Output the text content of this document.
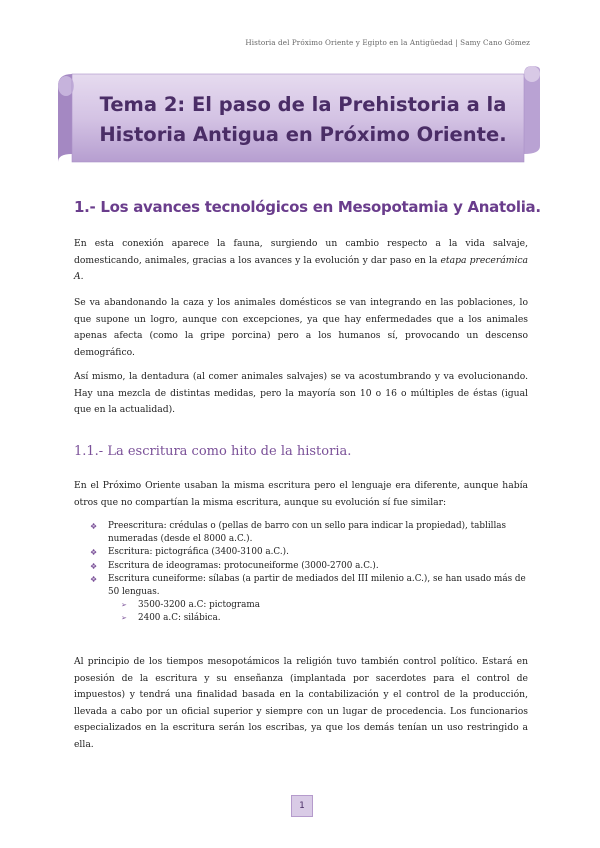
Historia del Próximo Oriente y Egipto en la Antigüedad | Samy Cano Gómez
Tema 2: El paso de la Prehistoria a la
Historia Antigua en Próximo Oriente.
1.- Los avances tecnológicos en Mesopotamia y Anatolia.
En esta conexión aparece la fauna, surgiendo un cambio respecto a la vida salvaje, domesticando, animales, gracias a los avances y la evolución y dar paso en la etapa precerámica A.
Se va abandonando la caza y los animales domésticos se van integrando en las poblaciones, lo que supone un logro, aunque con excepciones, ya que hay enfermedades que a los animales apenas afecta (como la gripe porcina) pero a los humanos sí, provocando un descenso demográfico.
Así mismo, la dentadura (al comer animales salvajes) se va acostumbrando y va evolucionando. Hay una mezcla de distintas medidas, pero la mayoría son 10 o 16 o múltiples de éstas (igual que en la actualidad).
1.1.- La escritura como hito de la historia.
En el Próximo Oriente usaban la misma escritura pero el lenguaje era diferente, aunque había otros que no compartían la misma escritura, aunque su evolución sí fue similar:
❖ Preescritura: crédulas o (pellas de barro con un sello para indicar la propiedad), tablillas numeradas (desde el 8000 a.C.).
❖ Escritura: pictográfica (3400-3100 a.C.).
❖ Escritura de ideogramas: protocuneiforme (3000-2700 a.C.).
❖ Escritura cuneiforme: sílabas (a partir de mediados del III milenio a.C.), se han usado más de 50 lenguas.
➢ 3500-3200 a.C: pictograma
➢ 2400 a.C: silábica.
Al principio de los tiempos mesopotámicos la religión tuvo también control político. Estará en posesión de la escritura y su enseñanza (implantada por sacerdotes para el control de impuestos) y tendrá una finalidad basada en la contabilización y el control de la producción, llevada a cabo por un oficial superior y siempre con un lugar de procedencia. Los funcionarios especializados en la escritura serán los escribas, ya que los demás tenían un uso restringido a ella.
1
